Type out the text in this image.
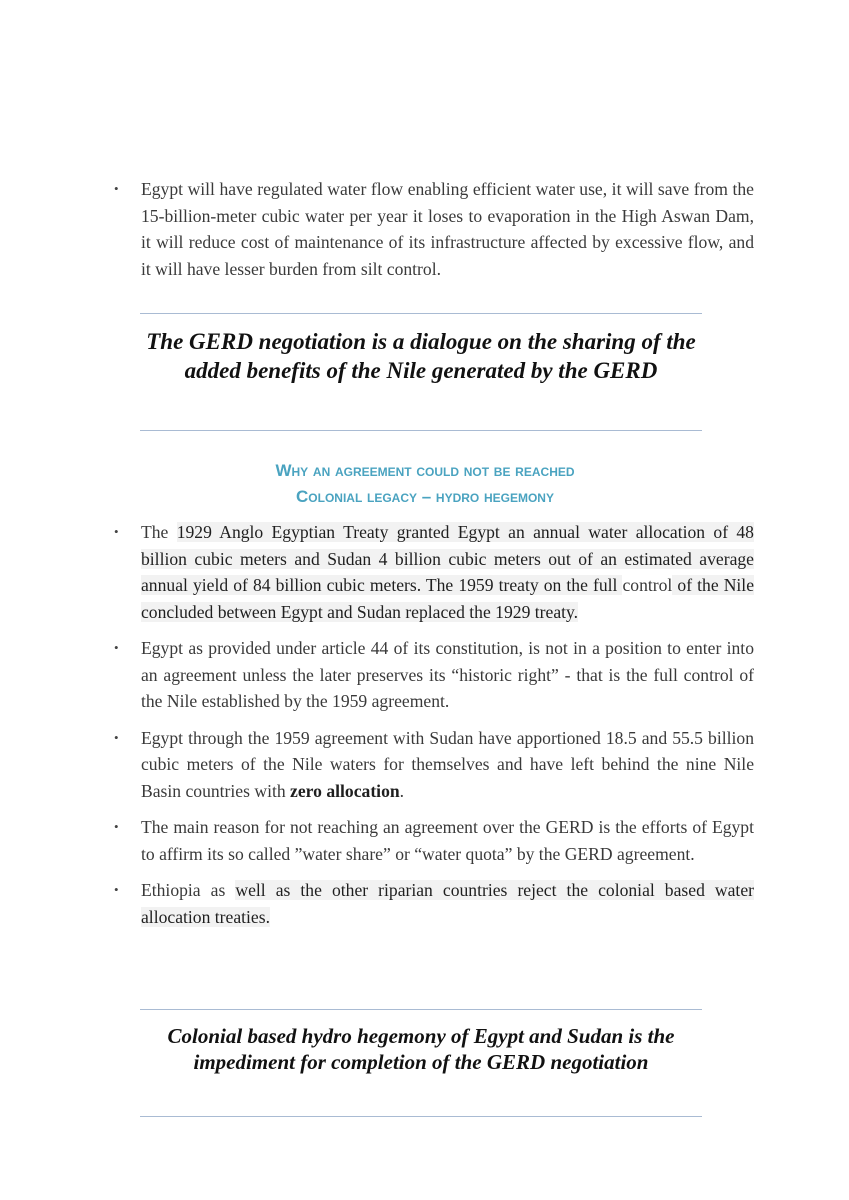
• Egypt will have regulated water flow enabling efficient water use, it will save from the 15-billion-meter cubic water per year it loses to evaporation in the High Aswan Dam, it will reduce cost of maintenance of its infrastructure affected by excessive flow, and it will have lesser burden from silt control.
The GERD negotiation is a dialogue on the sharing of the added benefits of the Nile generated by the GERD
Why an agreement could not be reached
Colonial legacy – hydro hegemony
• The 1929 Anglo Egyptian Treaty granted Egypt an annual water allocation of 48 billion cubic meters and Sudan 4 billion cubic meters out of an estimated average annual yield of 84 billion cubic meters. The 1959 treaty on the full control of the Nile concluded between Egypt and Sudan replaced the 1929 treaty.
• Egypt as provided under article 44 of its constitution, is not in a position to enter into an agreement unless the later preserves its “historic right” - that is the full control of the Nile established by the 1959 agreement.
• Egypt through the 1959 agreement with Sudan have apportioned 18.5 and 55.5 billion cubic meters of the Nile waters for themselves and have left behind the nine Nile Basin countries with zero allocation.
• The main reason for not reaching an agreement over the GERD is the efforts of Egypt to affirm its so called ”water share” or “water quota” by the GERD agreement.
• Ethiopia as well as the other riparian countries reject the colonial based water allocation treaties.
Colonial based hydro hegemony of Egypt and Sudan is the impediment for completion of the GERD negotiation
